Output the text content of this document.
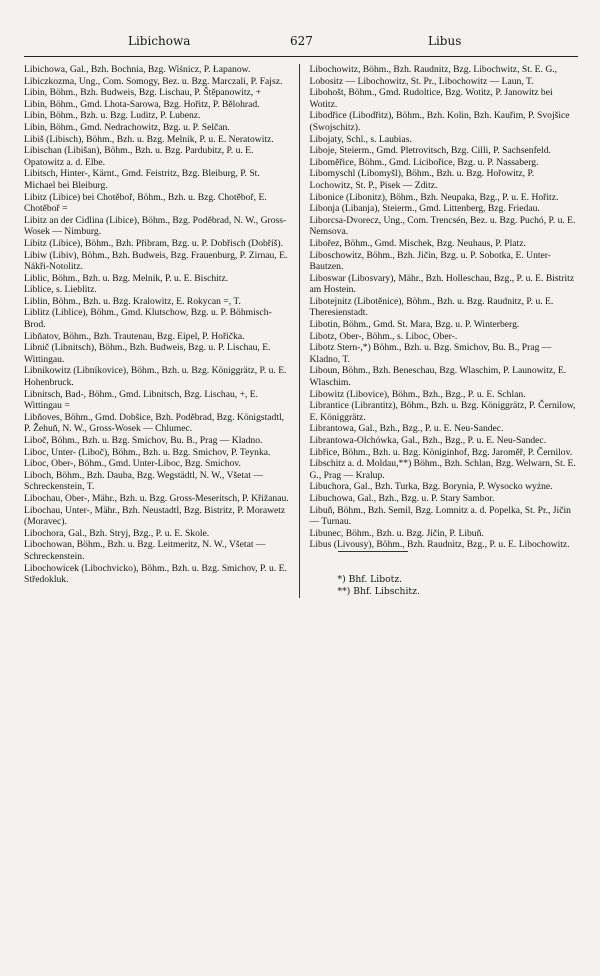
Libichowa	627	Libus
Libichowa, Gal., Bzh. Bochnia, Bzg. Wiśnicz, P. Łapanow.
Libiczkozma, Ung., Com. Somogy, Bez. u. Bzg. Marczali, P. Fajsz.
Libin, Böhm., Bzh. Budweis, Bzg. Lischau, P. Štěpanowitz, +
Libin, Böhm., Gmd. Lhota-Sarowa, Bzg. Hořitz, P. Bělohrad.
Libin, Böhm., Bzh. u. Bzg. Luditz, P. Lubenz.
Libin, Böhm., Gmd. Nedrachowitz, Bzg. u. P. Selčan.
Libiš (Libisch), Böhm., Bzh. u. Bzg. Melnik, P. u. E. Neratowitz.
Libischan (Libišan), Böhm., Bzh. u. Bzg. Pardubitz, P. u. E. Opatowitz a. d. Elbe.
Libitsch, Hinter-, Kärnt., Gmd. Feistritz, Bzg. Bleiburg, P. St. Michael bei Bleiburg.
Libitz (Libice) bei Chotěboř, Böhm., Bzh. u. Bzg. Chotěboř, E. Chotěboř =
Libitz an der Cidlina (Libice), Böhm., Bzg. Poděbrad, N. W., Gross-Wosek — Nimburg.
Libitz (Libice), Böhm., Bzh. Přibram, Bzg. u. P. Dobřisch (Dobříš).
Libiw (Libiv), Böhm., Bzh. Budweis, Bzg. Frauenburg, P. Zirnau, E. Nákři-Notolitz.
Liblic, Böhm., Bzh. u. Bzg. Melnik, P. u. E. Bischitz.
Liblice, s. Lieblitz.
Liblin, Böhm., Bzh. u. Bzg. Kralowitz, E. Rokycan =, T.
Liblitz (Liblice), Böhm., Gmd. Klutschow, Bzg. u. P. Böhmisch-Brod.
Libňatov, Böhm., Bzh. Trautenau, Bzg. Eipel, P. Hořička.
Libnič (Libnitsch), Böhm., Bzh. Budweis, Bzg. u. P. Lischau, E. Wittingau.
Libnikowitz (Libníkovice), Böhm., Bzh. u. Bzg. Königgrätz, P. u. E. Hohenbruck.
Libnitsch, Bad-, Böhm., Gmd. Libnitsch, Bzg. Lischau, +, E. Wittingau =
Libňoves, Böhm., Gmd. Dobšice, Bzh. Poděbrad, Bzg. Königstadtl, P. Žehuň, N. W., Gross-Wosek — Chlumec.
Liboč, Böhm., Bzh. u. Bzg. Smichov, Bu. B., Prag — Kladno.
Liboc, Unter- (Liboč), Böhm., Bzh. u. Bzg. Smichov, P. Teynka.
Liboc, Ober-, Böhm., Gmd. Unter-Liboc, Bzg. Smichov.
Liboch, Böhm., Bzh. Dauba, Bzg. Wegstädtl, N. W., Všetat — Schreckenstein, T.
Libochau, Ober-, Mähr., Bzh. u. Bzg. Gross-Meseritsch, P. Křižanau.
Libochau, Unter-, Mähr., Bzh. Neustadtl, Bzg. Bistritz, P. Morawetz (Moravec).
Libochora, Gal., Bzh. Stryj, Bzg., P. u. E. Skole.
Libochowan, Böhm., Bzh. u. Bzg. Leitmeritz, N. W., Všetat — Schreckenstein.
Libochowicek (Libochvicko), Böhm., Bzh. u. Bzg. Smichov, P. u. E. Středokluk.
Libochowitz, Böhm., Bzh. Raudnitz, Bzg. Libochwitz, St. E. G., Lobositz — Libochowitz, St. Pr., Libochowitz — Laun, T.
Libohošt, Böhm., Gmd. Rudoltice, Bzg. Wotitz, P. Janowitz bei Wotitz.
Libodřice (Libodřitz), Böhm., Bzh. Kolin, Bzh. Kauřim, P. Svojšice (Swojschitz).
Libojaty, Schl., s. Laubias.
Liboje, Steierm., Gmd. Pletrovitsch, Bzg. Cilli, P. Sachsenfeld.
Liboměřice, Böhm., Gmd. Licibořice, Bzg. u. P. Nassaberg.
Libomyschl (Libomyšl), Böhm., Bzh. u. Bzg. Hořowitz, P. Lochowitz, St. P., Pisek — Zditz.
Libonice (Libonitz), Böhm., Bzh. Neupaka, Bzg., P. u. E. Hořitz.
Libonja (Libanja), Steierm., Gmd. Littenberg, Bzg. Friedau.
Liborcsa-Dvorecz, Ung., Com. Trencsén, Bez. u. Bzg. Puchó, P. u. E. Nemsova.
Libořez, Böhm., Gmd. Mischek, Bzg. Neuhaus, P. Platz.
Liboschowitz, Böhm., Bzh. Jičin, Bzg. u. P. Sobotka, E. Unter-Bautzen.
Liboswar (Libosvary), Mähr., Bzh. Holleschau, Bzg., P. u. E. Bistritz am Hostein.
Libotejnitz (Libotěnice), Böhm., Bzh. u. Bzg. Raudnitz, P. u. E. Theresienstadt.
Libotin, Böhm., Gmd. St. Mara, Bzg. u. P. Winterberg.
Libotz, Ober-, Böhm., s. Liboc, Ober-.
Libotz Stern-,*) Böhm., Bzh. u. Bzg. Smichov, Bu. B., Prag — Kladno, T.
Liboun, Böhm., Bzh. Beneschau, Bzg. Wlaschim, P. Launowitz, E. Wlaschim.
Libowitz (Libovice), Böhm., Bzh., Bzg., P. u. E. Schlan.
Librantice (Librantitz), Böhm., Bzh. u. Bzg. Königgrätz, P. Černilow, E. Königgrätz.
Librantowa, Gal., Bzh., Bzg., P. u. E. Neu-Sandec.
Librantowa-Olchówka, Gal., Bzh., Bzg., P. u. E. Neu-Sandec.
Libřice, Böhm., Bzh. u. Bzg. Königinhof, Bzg. Jaroměř, P. Černilov.
Libschitz a. d. Moldau,**) Böhm., Bzh. Schlan, Bzg. Welwarn, St. E. G., Prag — Kralup.
Libuchora, Gal., Bzh. Turka, Bzg. Borynia, P. Wysocko wyżne.
Libuchowa, Gal., Bzh., Bzg. u. P. Stary Sambor.
Libuň, Böhm., Bzh. Semil, Bzg. Lomnitz a. d. Popelka, St. Pr., Jičin — Turnau.
Libunec, Böhm., Bzh. u. Bzg. Jičin, P. Libuň.
Libus (Livousy), Böhm., Bzh. Raudnitz, Bzg., P. u. E. Libochowitz.
*) Bhf. Libotz.
**) Bhf. Libschitz.
